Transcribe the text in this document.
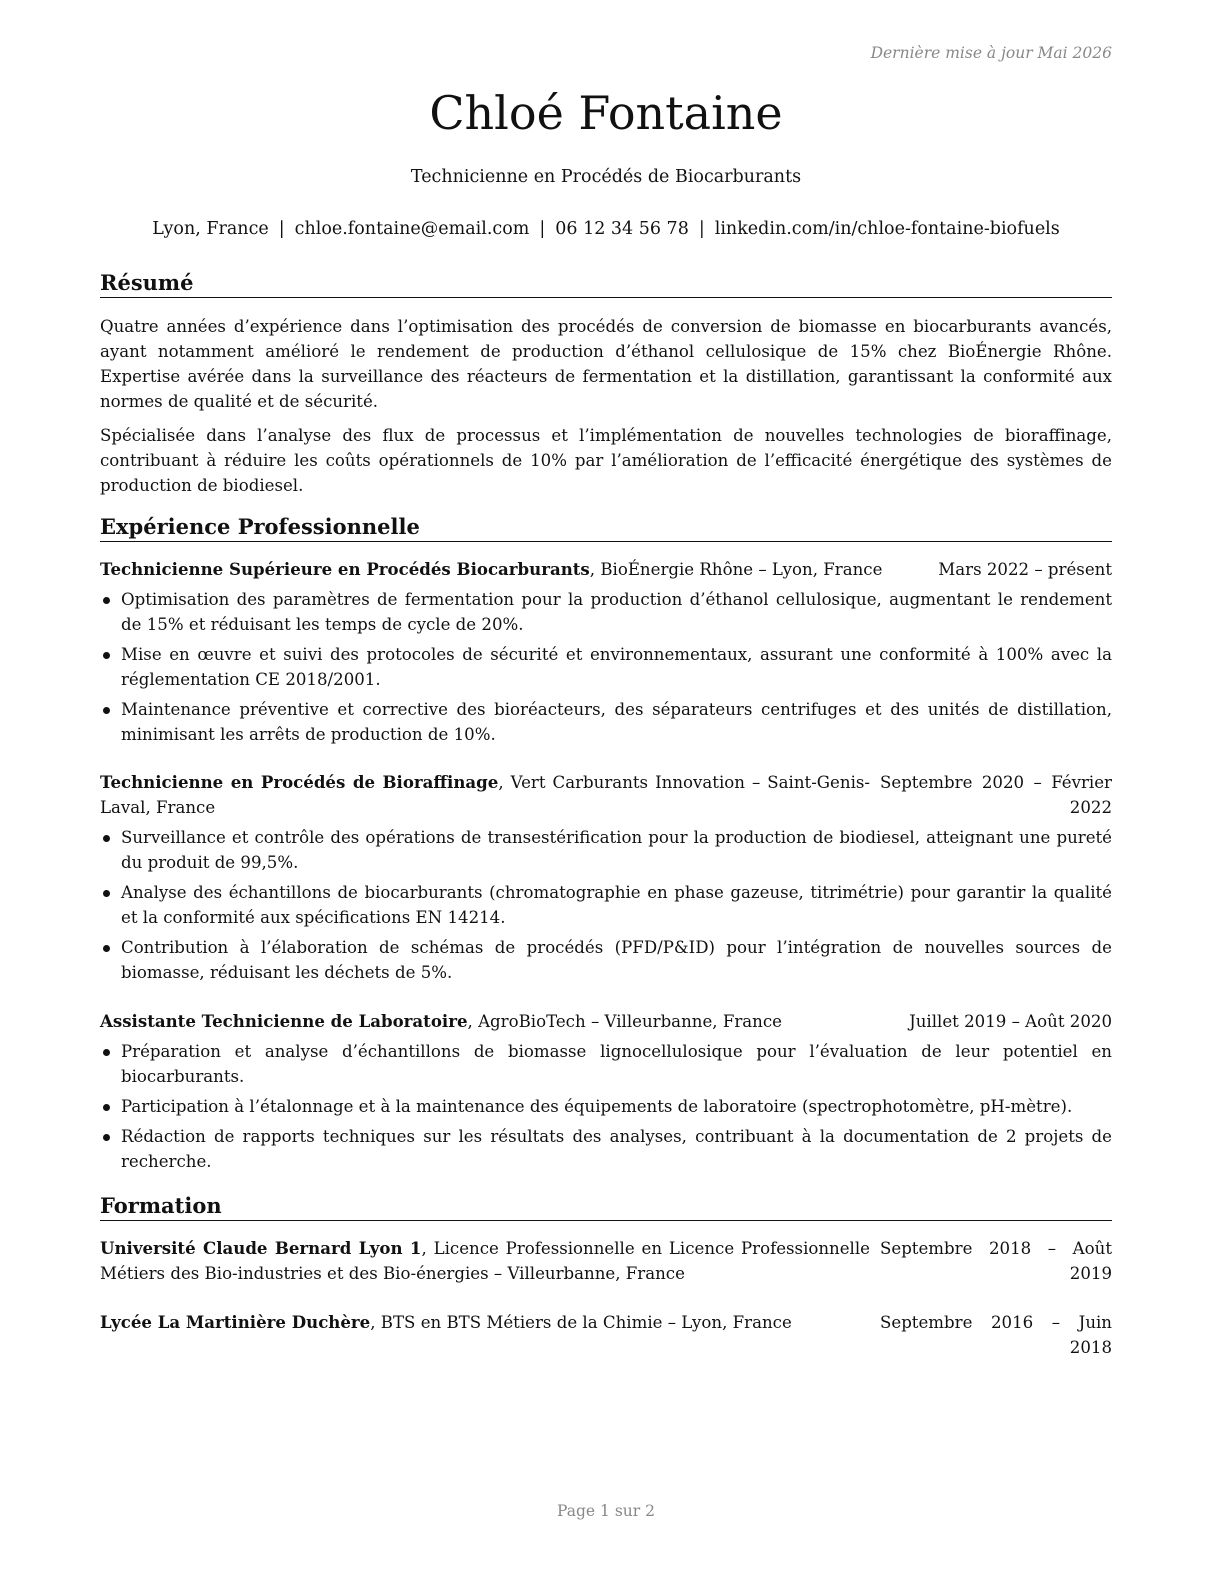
Dernière mise à jour Mai 2026
Chloé Fontaine
Technicienne en Procédés de Biocarburants
Lyon, France | chloe.fontaine@email.com | 06 12 34 56 78 | linkedin.com/in/chloe-fontaine-biofuels
Résumé

Quatre années d’expérience dans l’optimisation des procédés de conversion de biomasse en biocarburants avancés, ayant notamment amélioré le rendement de production d’éthanol cellulosique de 15% chez BioÉnergie Rhône. Expertise avérée dans la surveillance des réacteurs de fermentation et la distillation, garantissant la conformité aux normes de qualité et de sécurité.

Spécialisée dans l’analyse des flux de processus et l’implémentation de nouvelles technologies de bioraffinage, contribuant à réduire les coûts opérationnels de 10% par l’amélioration de l’efficacité énergétique des systèmes de production de biodiesel.

Expérience Professionnelle
Technicienne Supérieure en Procédés Biocarburants, BioÉnergie Rhône – Lyon, France	Mars 2022 – présent
Optimisation des paramètres de fermentation pour la production d’éthanol cellulosique, augmentant le rendement de 15% et réduisant les temps de cycle de 20%.
Mise en œuvre et suivi des protocoles de sécurité et environnementaux, assurant une conformité à 100% avec la réglementation CE 2018/2001.
Maintenance préventive et corrective des bioréacteurs, des séparateurs centrifuges et des unités de distillation, minimisant les arrêts de production de 10%.
Technicienne en Procédés de Bioraffinage, Vert Carburants Innovation – Saint-Genis-Laval, France
Septembre 2020 – Février 2022
Surveillance et contrôle des opérations de transestérification pour la production de biodiesel, atteignant une pureté du produit de 99,5%.
Analyse des échantillons de biocarburants (chromatographie en phase gazeuse, titrimétrie) pour garantir la qualité et la conformité aux spécifications EN 14214.
Contribution à l’élaboration de schémas de procédés (PFD/P&ID) pour l’intégration de nouvelles sources de biomasse, réduisant les déchets de 5%.
Assistante Technicienne de Laboratoire, AgroBioTech – Villeurbanne, France	Juillet 2019 – Août 2020
Préparation et analyse d’échantillons de biomasse lignocellulosique pour l’évaluation de leur potentiel en biocarburants.
Participation à l’étalonnage et à la maintenance des équipements de laboratoire (spectrophotomètre, pH-mètre).
Rédaction de rapports techniques sur les résultats des analyses, contribuant à la documentation de 2 projets de recherche.
Formation
Université Claude Bernard Lyon 1, Licence Professionnelle en Licence Professionnelle Métiers des Bio-industries et des Bio-énergies – Villeurbanne, France
Septembre 2018 – Août 2019
Lycée La Martinière Duchère, BTS en BTS Métiers de la Chimie – Lyon, France	Septembre 2016 – Juin 2018
Page 1 sur 2
